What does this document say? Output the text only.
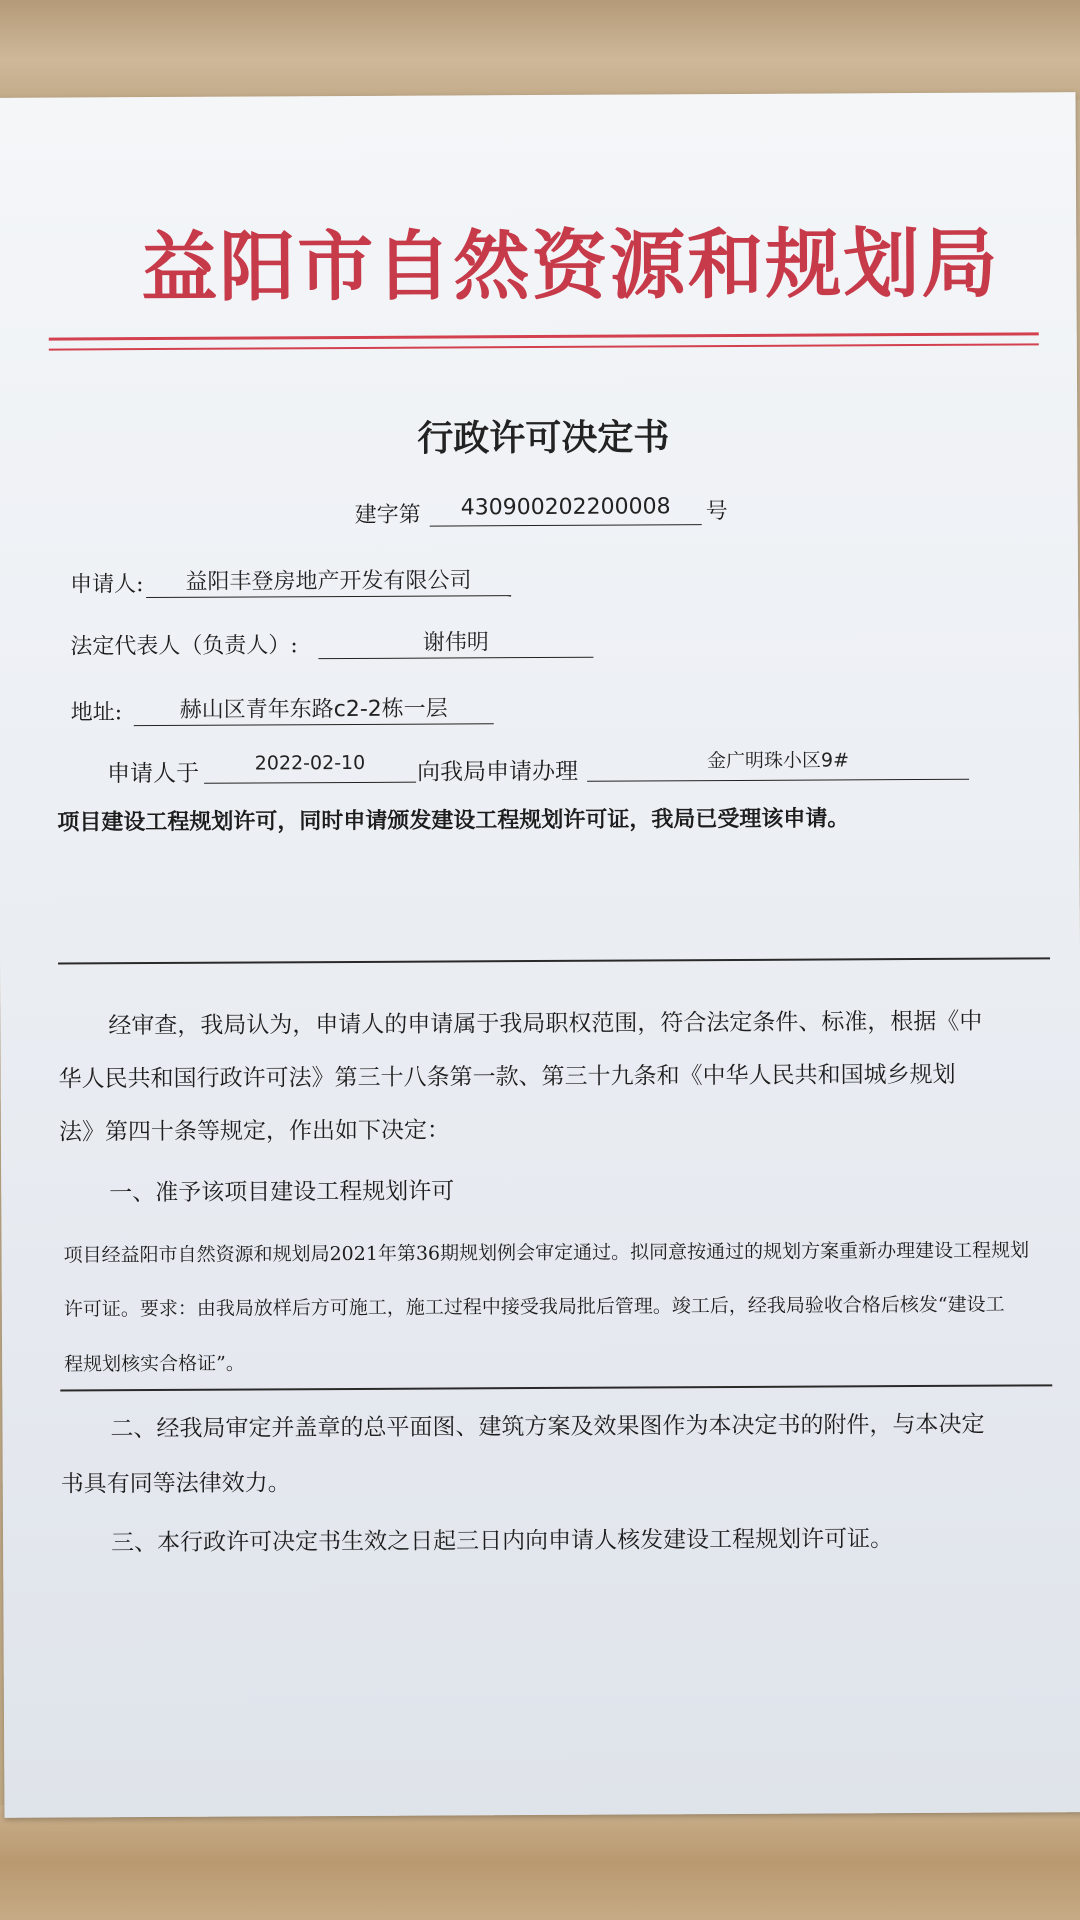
益阳市自然资源和规划局
行政许可决定书
建字第	430900202200008	号
申请人:	益阳丰登房地产开发有限公司
法定代表人（负责人）:	谢伟明
地址:	赫山区青年东路c2-2栋一层
申请人于	2022-02-10	向我局申请办理	金广明珠小区9#
项目建设工程规划许可，同时申请颁发建设工程规划许可证，我局已受理该申请。
经审查，我局认为，申请人的申请属于我局职权范围，符合法定条件、标准，根据《中
华人民共和国行政许可法》第三十八条第一款、第三十九条和《中华人民共和国城乡规划
法》第四十条等规定，作出如下决定：
一、准予该项目建设工程规划许可
项目经益阳市自然资源和规划局2021年第36期规划例会审定通过。拟同意按通过的规划方案重新办理建设工程规划
许可证。要求：由我局放样后方可施工，施工过程中接受我局批后管理。竣工后，经我局验收合格后核发“建设工
程规划核实合格证”。
二、经我局审定并盖章的总平面图、建筑方案及效果图作为本决定书的附件，与本决定
书具有同等法律效力。
三、本行政许可决定书生效之日起三日内向申请人核发建设工程规划许可证。
